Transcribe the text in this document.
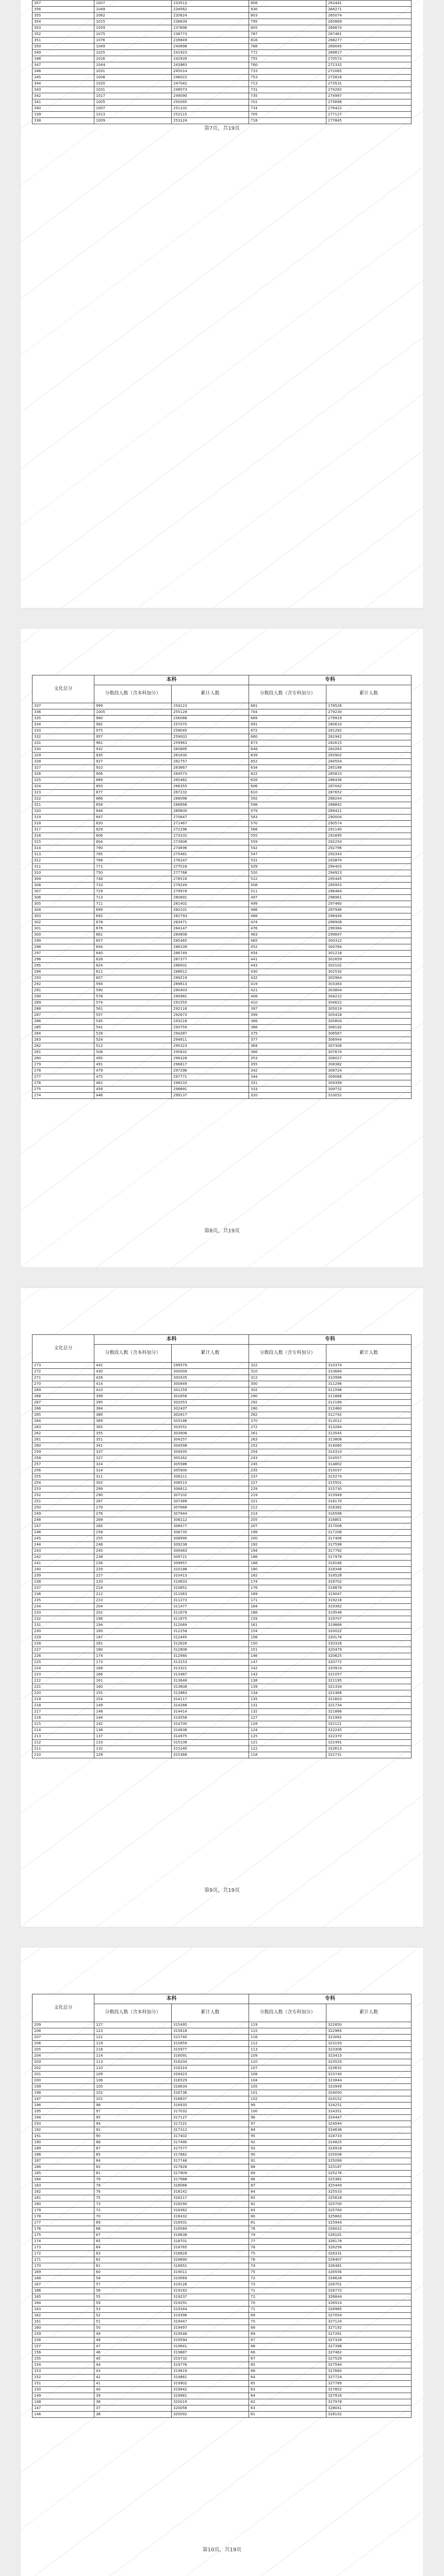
357	1007	233513	808	263441
356	1049	234562	830	264271
355	1062	235624	803	265074
354	1015	236639	795	265869
353	1059	237698	805	266674
352	1075	238773	787	267461
351	1076	239849	816	268277
350	1049	240898	768	269045
349	1025	241923	772	269817
348	1016	242939	755	270572
347	1044	243983	760	271332
346	1031	245014	733	272065
345	1008	246022	753	272818
344	1020	247042	713	273531
343	1031	248073	731	274262
342	1017	249090	735	274997
341	1005	250095	701	275698
340	1007	251102	724	276422
339	1013	252115	705	277127
338	1009	253124	718	277845
第7页，共19页
文化总分	本科		专科	
	分数段人数（含本科加分）	累计人数	分数段人数（含专科加分）	累计人数
337	999	254123	681	278526
336	1005	255128	704	279230
335	960	256088	689	279919
334	982	257070	691	280610
333	975	258045	672	281282
332	957	259002	660	281942
331	961	259963	673	282615
330	932	260895	648	283263
329	935	261830	639	283902
328	927	262757	652	284554
327	910	263667	634	285188
326	906	264573	622	285810
325	889	265462	626	286436
324	893	266355	606	287042
323	877	267232	610	287652
322	866	268098	592	288244
321	858	268956	598	288842
320	844	269800	579	289421
319	847	270647	583	290004
318	820	271467	570	290574
317	829	272296	566	291140
316	806	273102	555	291695
315	804	273906	559	292254
314	790	274696	542	292796
313	785	275481	547	293343
312	766	276247	531	293874
311	771	277018	529	294403
310	750	277768	520	294923
309	748	278516	522	295445
308	733	279249	508	295953
307	729	279978	511	296464
306	713	280691	497	296961
305	711	281402	499	297460
304	699	282101	486	297946
303	692	282793	488	298434
302	678	283471	474	298908
301	676	284147	476	299384
300	661	284808	463	299847
299	657	285465	465	300312
298	644	286109	452	300764
297	640	286749	454	301218
296	628	287377	441	301659
295	624	288001	443	302102
294	611	288612	430	302532
293	607	289219	432	302964
292	594	289813	419	303383
291	590	290403	421	303804
290	578	290981	408	304212
289	574	291555	410	304622
288	561	292116	397	305019
287	557	292673	399	305418
286	545	293218	386	305804
285	541	293759	388	306192
284	528	294287	375	306567
283	524	294811	377	306944
282	512	295323	364	307308
281	508	295831	366	307674
280	495	296326	353	308027
279	491	296817	355	308382
278	479	297296	342	308724
277	475	297771	344	309068
276	462	298233	331	309399
275	458	298691	333	309732
274	446	299137	320	310052
第8页，共19页
文化总分	本科		专科	
	分数段人数（含本科加分）	累计人数	分数段人数（含专科加分）	累计人数
273	442	299579	322	310374
272	430	300009	310	310684
271	426	300435	312	310996
270	414	300849	300	311296
269	410	301259	302	311598
268	399	301658	290	311888
267	395	302053	292	312180
266	384	302437	280	312460
265	380	302817	282	312742
264	369	303186	270	313012
263	365	303551	272	313284
262	355	303906	261	313545
261	351	304257	263	313808
260	341	304598	252	314060
259	337	304935	254	314314
258	327	305262	243	314557
257	324	305586	245	314802
256	314	305900	235	315037
255	311	306211	237	315274
254	302	306513	227	315501
253	299	306812	229	315730
252	290	307102	219	315949
251	287	307389	221	316170
250	279	307668	212	316382
249	276	307944	214	316596
248	268	308212	205	316801
247	265	308477	207	317008
246	258	308735	198	317206
245	255	308990	200	317406
244	248	309238	192	317598
243	245	309483	194	317792
242	238	309721	186	317978
241	236	309957	188	318166
240	229	310186	180	318346
239	227	310413	182	318528
238	220	310633	174	318702
237	218	310851	176	318878
236	212	311063	169	319047
235	210	311273	171	319218
234	204	311477	164	319382
233	202	311679	166	319548
232	196	311875	159	319707
231	194	312069	161	319868
230	189	312258	154	320022
229	187	312445	156	320178
228	181	312626	150	320328
227	180	312806	151	320479
226	174	312980	146	320625
225	173	313153	147	320772
224	168	313321	142	320914
223	166	313487	143	321057
222	161	313648	138	321195
221	160	313808	139	321334
220	155	313963	134	321468
219	154	314117	135	321603
218	149	314266	131	321734
217	148	314414	132	321866
216	144	314558	127	321993
215	142	314700	128	322121
214	138	314838	124	322245
213	137	314975	125	322370
212	133	315108	121	322491
211	132	315240	122	322613
210	128	315368	118	322731
第9页，共19页
文化总分	本科		专科	
	分数段人数（含本科加分）	累计人数	分数段人数（含专科加分）	累计人数
209	127	315495	119	322850
208	123	315618	115	322965
207	122	315740	116	323081
206	119	315859	112	323193
205	118	315977	113	323306
204	114	316091	109	323415
203	113	316204	110	323525
202	110	316314	107	323632
201	109	316423	108	323740
200	106	316529	104	323844
199	105	316634	105	323949
198	102	316736	101	324050
197	101	316837	102	324152
196	98	316935	99	324251
195	97	317032	100	324351
194	95	317127	96	324447
193	94	317221	97	324544
192	91	317312	94	324638
191	90	317402	95	324733
190	88	317490	92	324825
189	87	317577	93	324918
188	85	317662	90	325008
187	84	317746	91	325099
186	82	317828	88	325187
185	81	317909	89	325276
184	79	317988	86	325362
183	78	318066	87	325449
182	76	318142	84	325533
181	75	318217	85	325618
180	73	318290	82	325700
179	72	318362	83	325783
178	70	318432	80	325863
177	69	318501	81	325944
176	68	318569	78	326022
175	67	318636	79	326101
174	65	318701	77	326178
173	64	318765	78	326256
172	63	318828	75	326331
171	62	318890	76	326407
170	61	318951	74	326481
169	60	319011	75	326556
168	58	319069	72	326628
167	57	319126	73	326701
166	56	319182	71	326772
165	55	319237	72	326844
164	54	319291	70	326914
163	53	319344	71	326985
162	52	319396	69	327054
161	51	319447	70	327124
160	50	319497	68	327192
159	49	319546	69	327261
158	48	319594	67	327328
157	47	319641	68	327396
156	46	319687	66	327462
155	45	319732	67	327529
154	44	319776	65	327594
153	43	319819	66	327660
152	42	319861	64	327724
151	41	319902	65	327789
150	40	319942	63	327852
149	39	319981	64	327916
148	38	320019	62	327978
147	37	320056	63	328041
146	36	320092	61	328102
第10页，共19页
